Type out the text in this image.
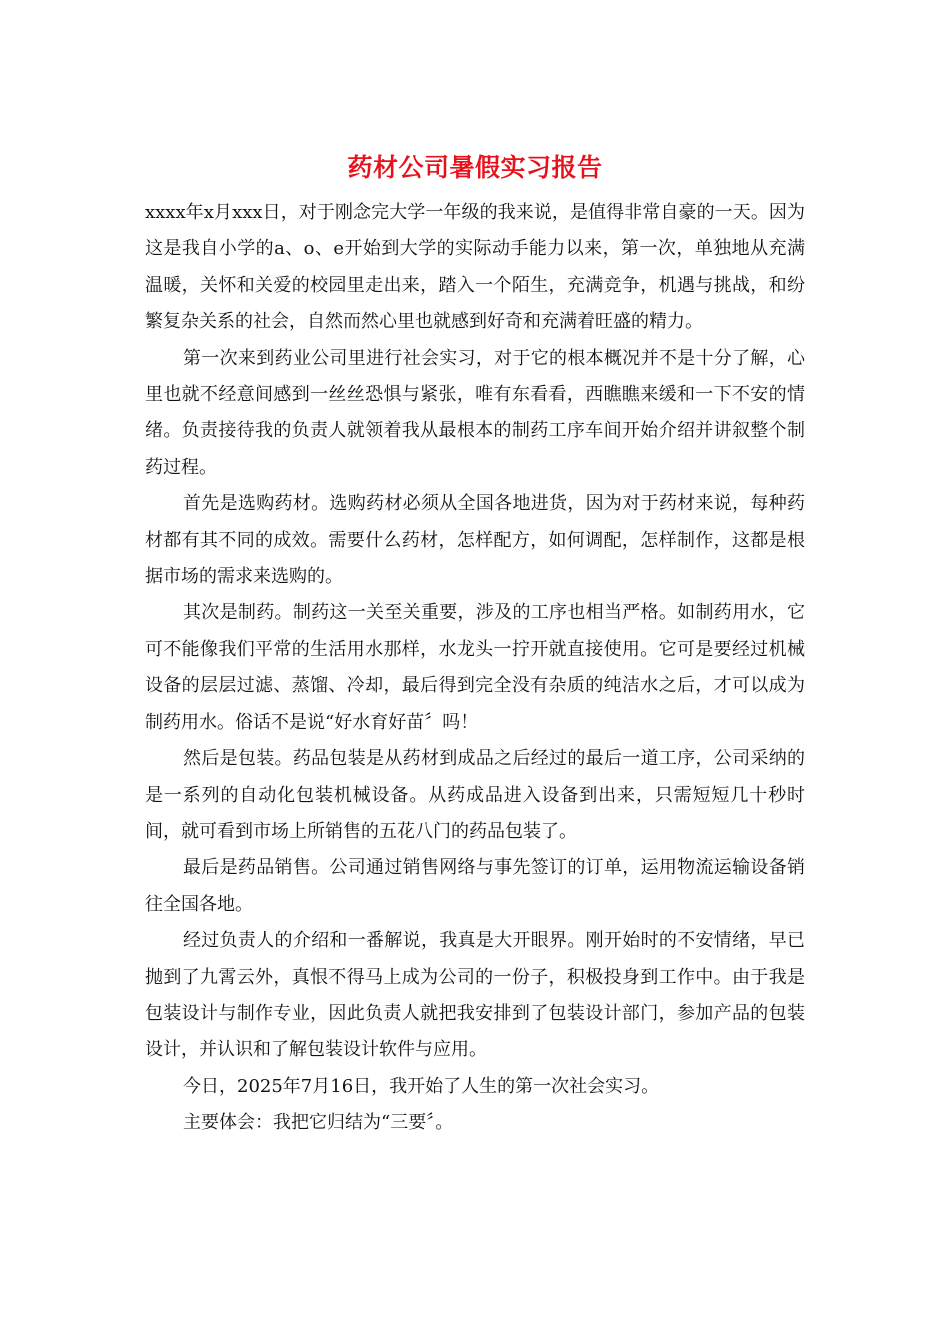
药材公司暑假实习报告

xxxx年x月xxx日，对于刚念完大学一年级的我来说，是值得非常自豪的一天。因为这是我自小学的a、o、e开始到大学的实际动手能力以来，第一次，单独地从充满温暖，关怀和关爱的校园里走出来，踏入一个陌生，充满竞争，机遇与挑战，和纷繁复杂关系的社会，自然而然心里也就感到好奇和充满着旺盛的精力。

第一次来到药业公司里进行社会实习，对于它的根本概况并不是十分了解，心里也就不经意间感到一丝丝恐惧与紧张，唯有东看看，西瞧瞧来缓和一下不安的情绪。负责接待我的负责人就领着我从最根本的制药工序车间开始介绍并讲叙整个制药过程。

首先是选购药材。选购药材必须从全国各地进货，因为对于药材来说，每种药材都有其不同的成效。需要什么药材，怎样配方，如何调配，怎样制作，这都是根据市场的需求来选购的。

其次是制药。制药这一关至关重要，涉及的工序也相当严格。如制药用水，它可不能像我们平常的生活用水那样，水龙头一拧开就直接使用。它可是要经过机械设备的层层过滤、蒸馏、冷却，最后得到完全没有杂质的纯洁水之后，才可以成为制药用水。俗话不是说“好水育好苗〞吗！

然后是包装。药品包装是从药材到成品之后经过的最后一道工序，公司采纳的是一系列的自动化包装机械设备。从药成品进入设备到出来，只需短短几十秒时间，就可看到市场上所销售的五花八门的药品包装了。

最后是药品销售。公司通过销售网络与事先签订的订单，运用物流运输设备销往全国各地。

经过负责人的介绍和一番解说，我真是大开眼界。刚开始时的不安情绪，早已抛到了九霄云外，真恨不得马上成为公司的一份子，积极投身到工作中。由于我是包装设计与制作专业，因此负责人就把我安排到了包装设计部门，参加产品的包装设计，并认识和了解包装设计软件与应用。

今日，2025年7月16日，我开始了人生的第一次社会实习。

主要体会：我把它归结为“三要〞。
